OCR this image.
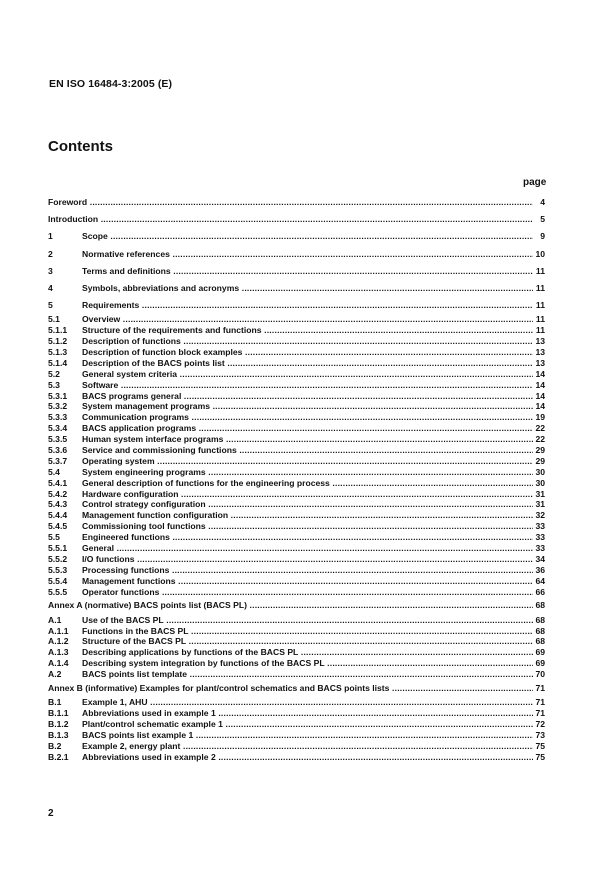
EN ISO 16484-3:2005 (E)
Contents
page
Foreword .....	4
Introduction .....	5
1	Scope .....	9
2	Normative references .....	10
3	Terms and definitions .....	11
4	Symbols, abbreviations and acronyms .....	11
5	Requirements .....	11
5.1	Overview .....	11
5.1.1 Structure of the requirements and functions .....	11
5.1.2 Description of functions .....	13
5.1.3 Description of function block examples .....	13
5.1.4 Description of the BACS points list .....	13
5.2	General system criteria .....	14
5.3	Software .....	14
5.3.1 BACS programs general .....	14
5.3.2 System management programs .....	14
5.3.3 Communication programs .....	19
5.3.4 BACS application programs .....	22
5.3.5 Human system interface programs .....	22
5.3.6 Service and commissioning functions .....	29
5.3.7 Operating system .....	29
5.4	System engineering programs .....	30
5.4.1 General description of functions for the engineering process .....	30
5.4.2 Hardware configuration .....	31
5.4.3 Control strategy configuration .....	31
5.4.4 Management function configuration .....	32
5.4.5 Commissioning tool functions .....	33
5.5	Engineered functions .....	33
5.5.1 General .....	33
5.5.2 I/O functions .....	34
5.5.3 Processing functions .....	36
5.5.4 Management functions .....	64
5.5.5 Operator functions .....	66
Annex A (normative) BACS points list (BACS PL) .....	68
A.1 Use of the BACS PL .....	68
A.1.1 Functions in the BACS PL .....	68
A.1.2 Structure of the BACS PL .....	68
A.1.3 Describing applications by functions of the BACS PL .....	69
A.1.4 Describing system integration by functions of the BACS PL .....	69
A.2 BACS points list template .....	70
Annex B (informative) Examples for plant/control schematics and BACS points lists .....	71
B.1 Example 1, AHU .....	71
B.1.1 Abbreviations used in example 1 .....	71
B.1.2 Plant/control schematic example 1 .....	72
B.1.3 BACS points list example 1 .....	73
B.2 Example 2, energy plant .....	75
B.2.1 Abbreviations used in example 2 .....	75
2
